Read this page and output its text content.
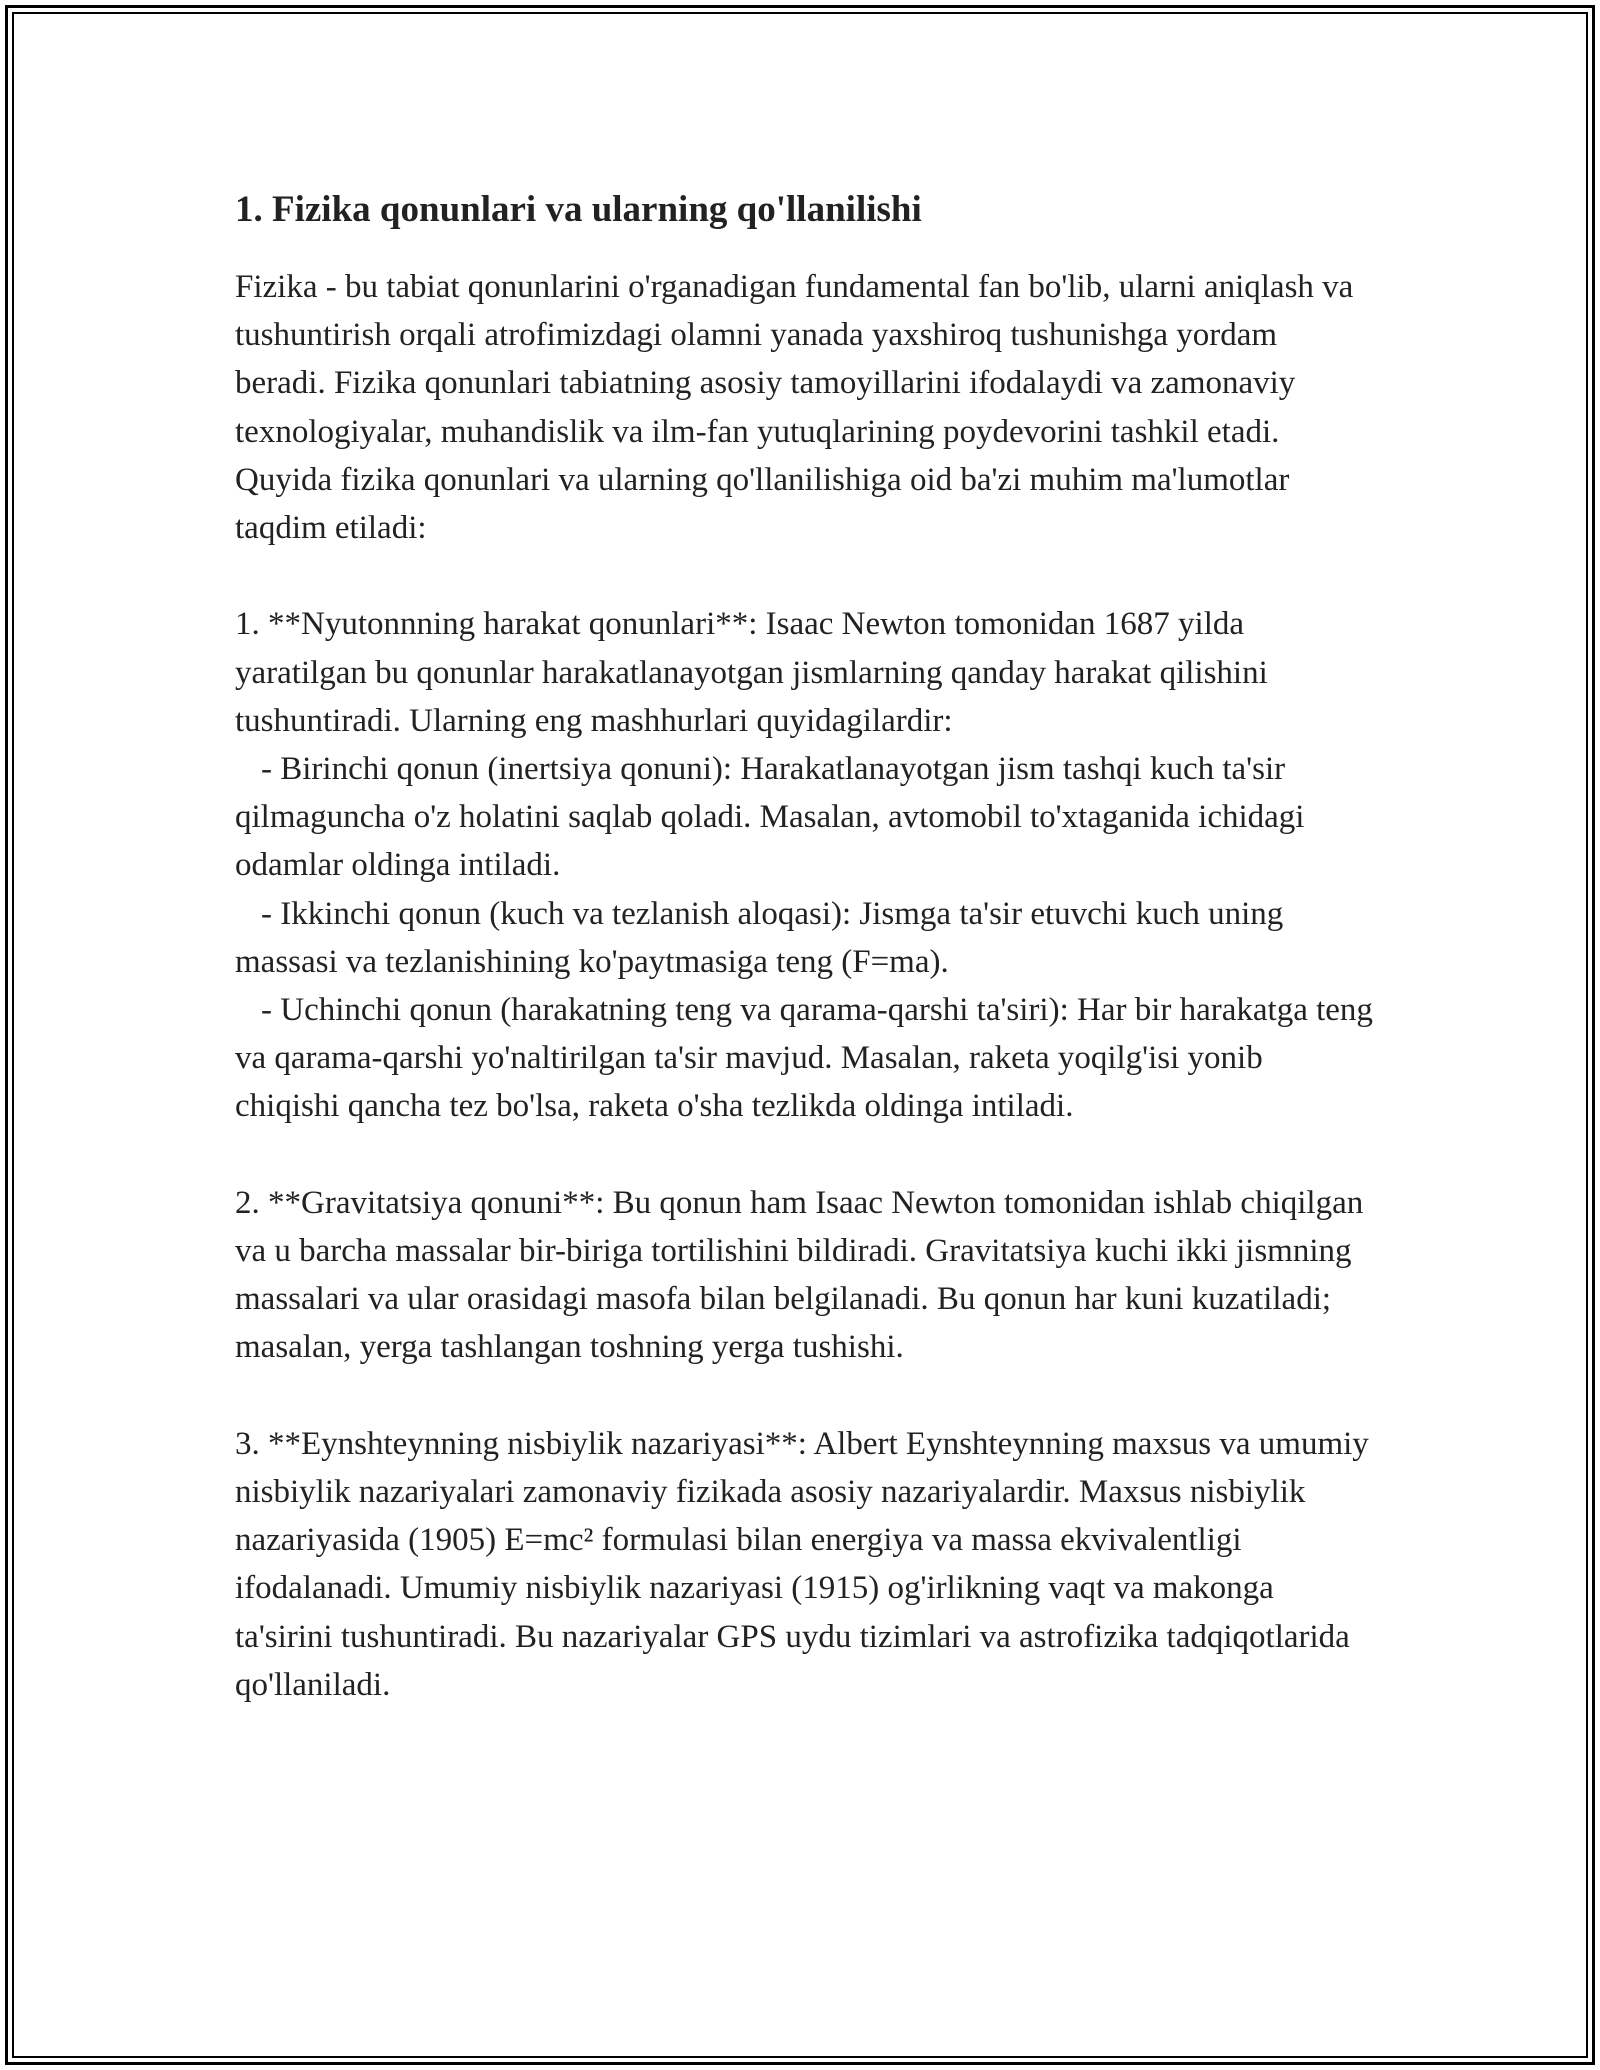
1. Fizika qonunlari va ularning qo'llanilishi

Fizika - bu tabiat qonunlarini o'rganadigan fundamental fan bo'lib, ularni aniqlash va tushuntirish orqali atrofimizdagi olamni yanada yaxshiroq tushunishga yordam beradi. Fizika qonunlari tabiatning asosiy tamoyillarini ifodalaydi va zamonaviy texnologiyalar, muhandislik va ilm-fan yutuqlarining poydevorini tashkil etadi. Quyida fizika qonunlari va ularning qo'llanilishiga oid ba'zi muhim ma'lumotlar taqdim etiladi:

1. **Nyutonnning harakat qonunlari**: Isaac Newton tomonidan 1687 yilda yaratilgan bu qonunlar harakatlanayotgan jismlarning qanday harakat qilishini tushuntiradi. Ularning eng mashhurlari quyidagilardir:

- Birinchi qonun (inertsiya qonuni): Harakatlanayotgan jism tashqi kuch ta'sir qilmaguncha o'z holatini saqlab qoladi. Masalan, avtomobil to'xtaganida ichidagi odamlar oldinga intiladi.

- Ikkinchi qonun (kuch va tezlanish aloqasi): Jismga ta'sir etuvchi kuch uning massasi va tezlanishining ko'paytmasiga teng (F=ma).

- Uchinchi qonun (harakatning teng va qarama-qarshi ta'siri): Har bir harakatga teng va qarama-qarshi yo'naltirilgan ta'sir mavjud. Masalan, raketa yoqilg'isi yonib chiqishi qancha tez bo'lsa, raketa o'sha tezlikda oldinga intiladi.

2. **Gravitatsiya qonuni**: Bu qonun ham Isaac Newton tomonidan ishlab chiqilgan va u barcha massalar bir-biriga tortilishini bildiradi. Gravitatsiya kuchi ikki jismning massalari va ular orasidagi masofa bilan belgilanadi. Bu qonun har kuni kuzatiladi; masalan, yerga tashlangan toshning yerga tushishi.

3. **Eynshteynning nisbiylik nazariyasi**: Albert Eynshteynning maxsus va umumiy nisbiylik nazariyalari zamonaviy fizikada asosiy nazariyalardir. Maxsus nisbiylik nazariyasida (1905) E=mc² formulasi bilan energiya va massa ekvivalentligi ifodalanadi. Umumiy nisbiylik nazariyasi (1915) og'irlikning vaqt va makonga ta'sirini tushuntiradi. Bu nazariyalar GPS uydu tizimlari va astrofizika tadqiqotlarida qo'llaniladi.
